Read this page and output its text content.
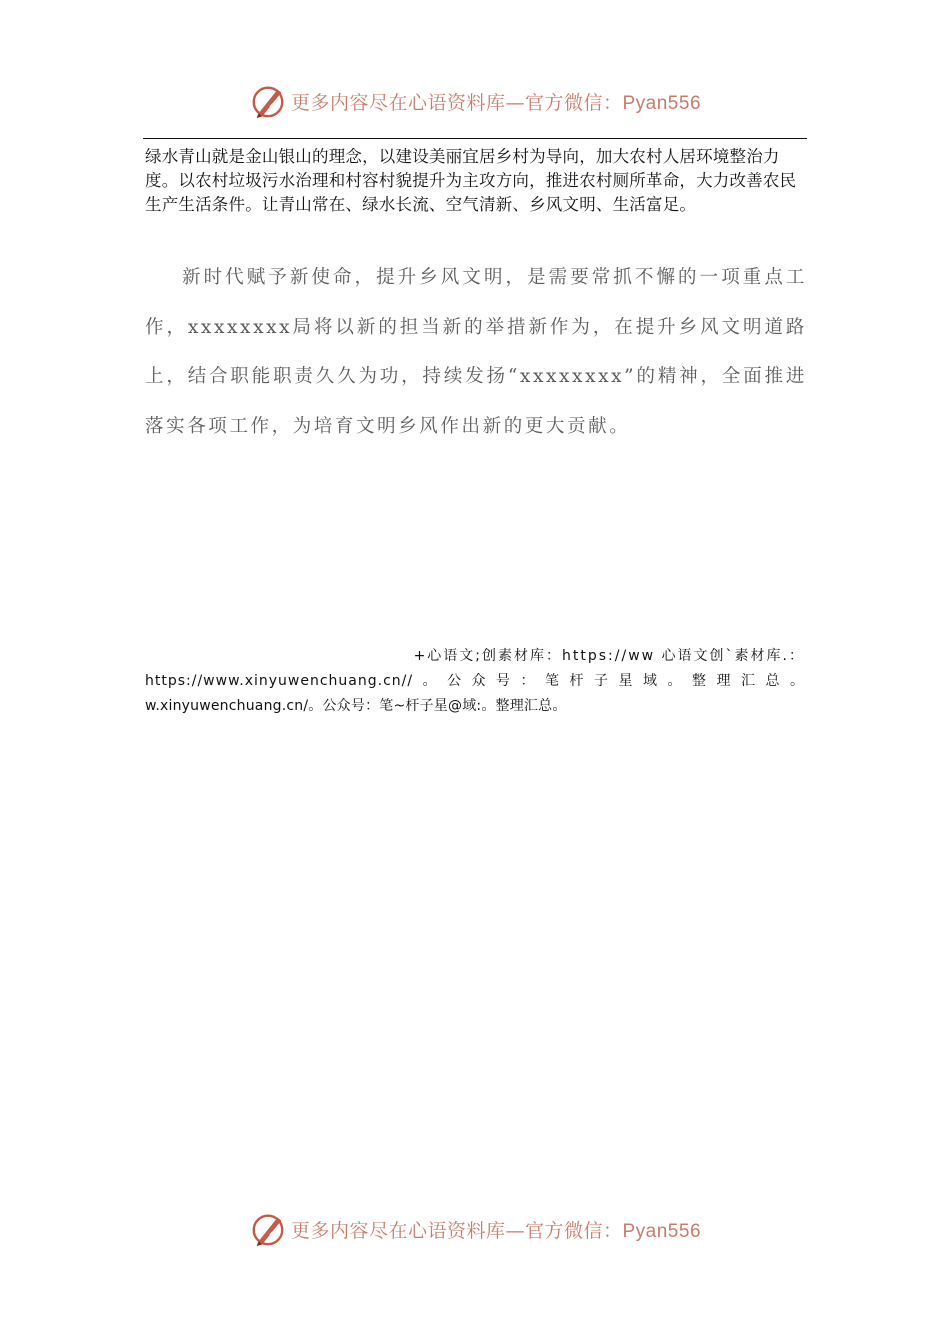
更多内容尽在心语资料库—官方微信：Pyan556

绿水青山就是金山银山的理念，以建设美丽宜居乡村为导向，加大农村人居环境整治力度。以农村垃圾污水治理和村容村貌提升为主攻方向，推进农村厕所革命，大力改善农民生产生活条件。让青山常在、绿水长流、空气清新、乡风文明、生活富足。

新时代赋予新使命，提升乡风文明，是需要常抓不懈的一项重点工作，xxxxxxxx局将以新的担当新的举措新作为，在提升乡风文明道路上，结合职能职责久久为功，持续发扬“xxxxxxxx”的精神，全面推进落实各项工作，为培育文明乡风作出新的更大贡献。

+心语文;创素材库：https://ww 心语文创`素材库.：
https://www.xinyuwenchuang.cn//。公众号：笔杆子星域。整理汇总。
w.xinyuwenchuang.cn/。公众号：笔~杆子星@域:。整理汇总。

更多内容尽在心语资料库—官方微信：Pyan556
